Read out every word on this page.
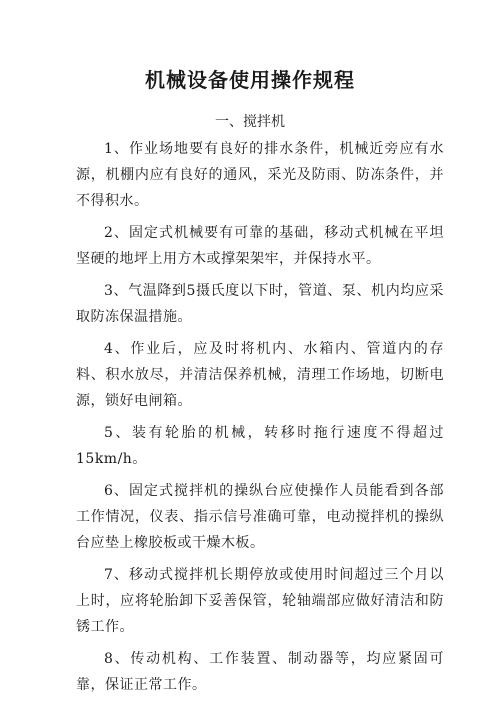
机械设备使用操作规程
一、搅拌机

1、作业场地要有良好的排水条件，机械近旁应有水源，机棚内应有良好的通风，采光及防雨、防冻条件，并不得积水。

2、固定式机械要有可靠的基础，移动式机械在平坦坚硬的地坪上用方木或撑架架牢，并保持水平。

3、气温降到5摄氏度以下时，管道、泵、机内均应采取防冻保温措施。

4、作业后，应及时将机内、水箱内、管道内的存料、积水放尽，并清洁保养机械，清理工作场地，切断电源，锁好电闸箱。

5、装有轮胎的机械，转移时拖行速度不得超过15km/h。

6、固定式搅拌机的操纵台应使操作人员能看到各部工作情况，仪表、指示信号准确可靠，电动搅拌机的操纵台应垫上橡胶板或干燥木板。

7、移动式搅拌机长期停放或使用时间超过三个月以上时，应将轮胎卸下妥善保管，轮轴端部应做好清洁和防锈工作。

8、传动机构、工作装置、制动器等，均应紧固可靠，保证正常工作。
